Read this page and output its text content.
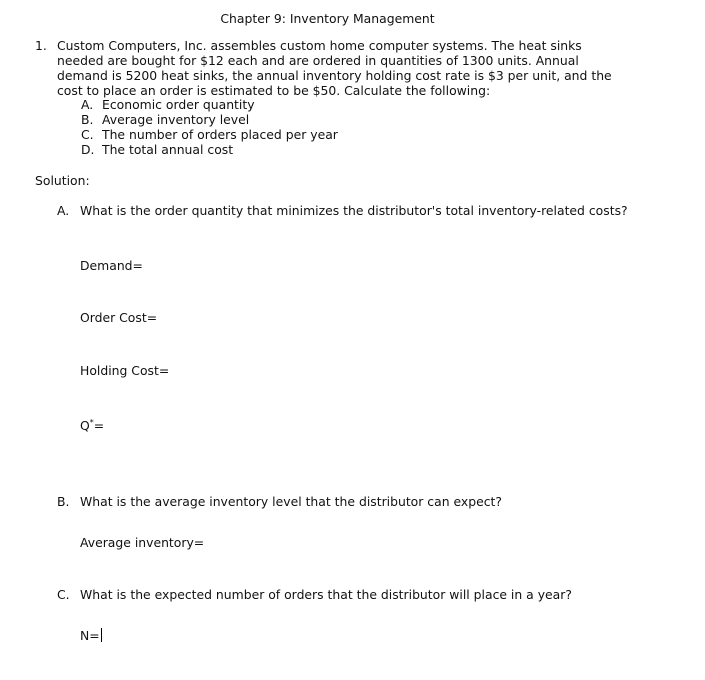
Chapter 9: Inventory Management
1. Custom Computers, Inc. assembles custom home computer systems. The heat sinks needed are bought for $12 each and are ordered in quantities of 1300 units. Annual demand is 5200 heat sinks, the annual inventory holding cost rate is $3 per unit, and the cost to place an order is estimated to be $50. Calculate the following:
A. Economic order quantity
B. Average inventory level
C. The number of orders placed per year
D. The total annual cost
Solution:
A. What is the order quantity that minimizes the distributor's total inventory-related costs?
Demand=
Order Cost=
Holding Cost=
Q*=
B. What is the average inventory level that the distributor can expect?
Average inventory=
C. What is the expected number of orders that the distributor will place in a year?
N=
